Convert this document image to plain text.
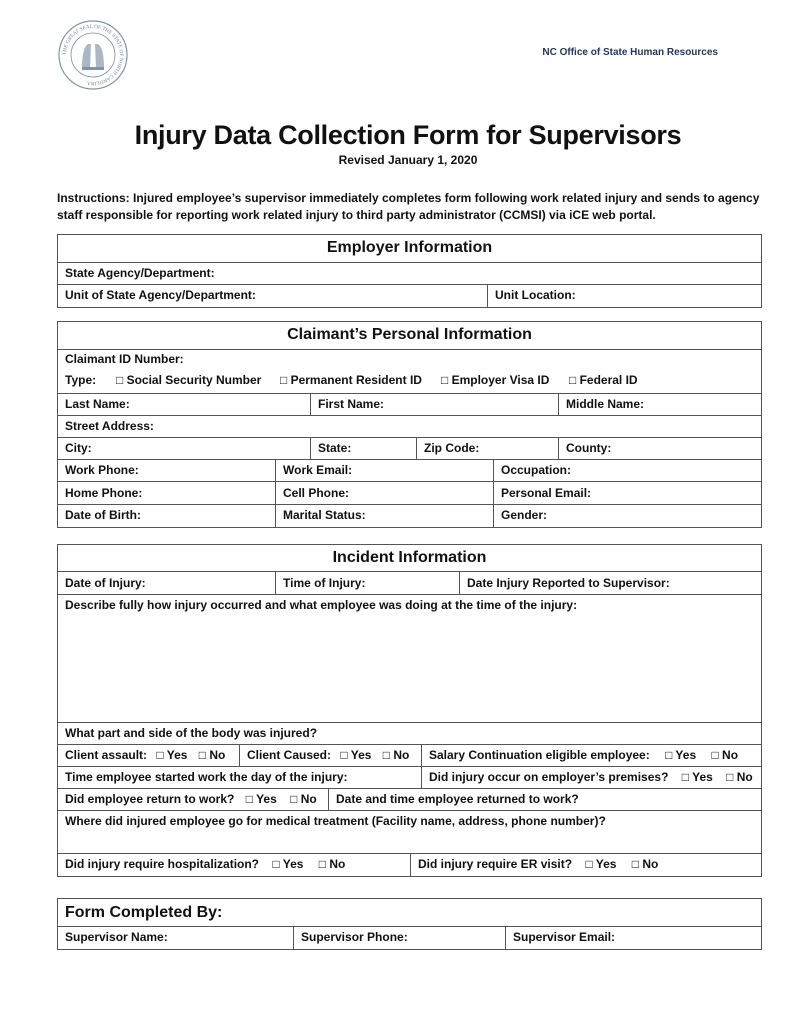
THE GREAT SEAL OF THE STATE OF NORTH CAROLINA
NC Office of State Human Resources
Injury Data Collection Form for Supervisors
Revised January 1, 2020
Instructions: Injured employee’s supervisor immediately completes form following work related injury and sends to agency staff responsible for reporting work related injury to third party administrator (CCMSI) via iCE web portal.
Employer Information
State Agency/Department:
Unit of State Agency/Department:	Unit Location:
Claimant’s Personal Information
Claimant ID Number:
Type: □ Social Security Number □ Permanent Resident ID □ Employer Visa ID □ Federal ID
Last Name:	First Name:	Middle Name:
Street Address:
City:	State:	Zip Code:	County:
Work Phone:	Work Email:	Occupation:
Home Phone:	Cell Phone:	Personal Email:
Date of Birth:	Marital Status:	Gender:
Incident Information
Date of Injury:	Time of Injury:	Date Injury Reported to Supervisor:
Describe fully how injury occurred and what employee was doing at the time of the injury:
What part and side of the body was injured?
Client assault: □ Yes □ No	Client Caused: □ Yes □ No	Salary Continuation eligible employee: □ Yes □ No
Time employee started work the day of the injury:	Did injury occur on employer’s premises? □ Yes □ No
Did employee return to work? □ Yes □ No	Date and time employee returned to work?
Where did injured employee go for medical treatment (Facility name, address, phone number)?
Did injury require hospitalization? □ Yes □ No	Did injury require ER visit? □ Yes □ No
Form Completed By:
Supervisor Name:	Supervisor Phone:	Supervisor Email:
